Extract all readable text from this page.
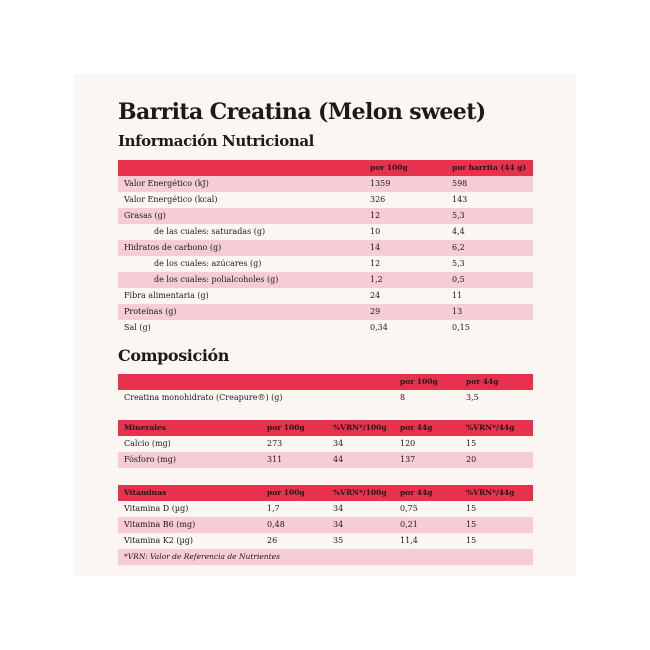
Barrita Creatina (Melon sweet)
Información Nutricional
	por 100g	por barrita (44 g)
Valor Energético (kJ)	1359	598
Valor Energético (kcal)	326	143
Grasas (g)	12	5,3
de las cuales: saturadas (g)	10	4,4
Hidratos de carbono (g)	14	6,2
de los cuales: azúcares (g)	12	5,3
de los cuales: polialcoholes (g)	1,2	0,5
Fibra alimentaria (g)	24	11
Proteínas (g)	29	13
Sal (g)	0,34	0,15
Composición
	por 100g	por 44g
Creatina monohidrato (Creapure®) (g)	8	3,5
Minerales	por 100g	%VRN*/100g	por 44g	%VRN*/44g
Calcio (mg)	273	34	120	15
Fósforo (mg)	311	44	137	20
Vitaminas	por 100g	%VRN*/100g	por 44g	%VRN*/44g
Vitamina D (µg)	1,7	34	0,75	15
Vitamina B6 (mg)	0,48	34	0,21	15
Vitamina K2 (µg)	26	35	11,4	15
*VRN: Valor de Referencia de Nutrientes				
